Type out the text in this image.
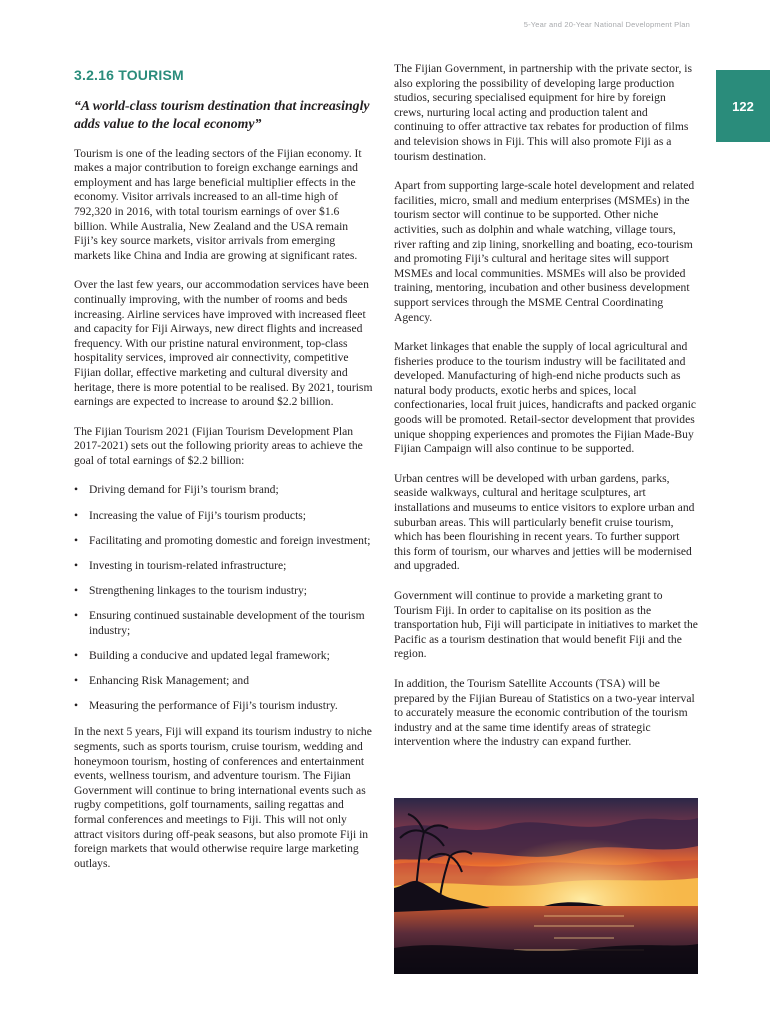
5-Year and 20-Year National Development Plan
122
3.2.16 TOURISM
“A world-class tourism destination that increasingly adds value to the local economy”

Tourism is one of the leading sectors of the Fijian economy. It makes a major contribution to foreign exchange earnings and employment and has large beneficial multiplier effects in the economy. Visitor arrivals increased to an all-time high of 792,320 in 2016, with total tourism earnings of over $1.6 billion. While Australia, New Zealand and the USA remain Fiji’s key source markets, visitor arrivals from emerging markets like China and India are growing at significant rates.

Over the last few years, our accommodation services have been continually improving, with the number of rooms and beds increasing. Airline services have improved with increased fleet and capacity for Fiji Airways, new direct flights and increased frequency. With our pristine natural environment, top-class hospitality services, improved air connectivity, competitive Fijian dollar, effective marketing and cultural diversity and heritage, there is more potential to be realised. By 2021, tourism earnings are expected to increase to around $2.2 billion.

The Fijian Tourism 2021 (Fijian Tourism Development Plan 2017-2021) sets out the following priority areas to achieve the goal of total earnings of $2.2 billion:

• Driving demand for Fiji’s tourism brand;
• Increasing the value of Fiji’s tourism products;
• Facilitating and promoting domestic and foreign investment;
• Investing in tourism-related infrastructure;
• Strengthening linkages to the tourism industry;
• Ensuring continued sustainable development of the tourism industry;
• Building a conducive and updated legal framework;
• Enhancing Risk Management; and
• Measuring the performance of Fiji’s tourism industry.

In the next 5 years, Fiji will expand its tourism industry to niche segments, such as sports tourism, cruise tourism, wedding and honeymoon tourism, hosting of conferences and entertainment events, wellness tourism, and adventure tourism. The Fijian Government will continue to bring international events such as rugby competitions, golf tournaments, sailing regattas and formal conferences and meetings to Fiji. This will not only attract visitors during off-peak seasons, but also promote Fiji in foreign markets that would otherwise require large marketing outlays.

The Fijian Government, in partnership with the private sector, is also exploring the possibility of developing large production studios, securing specialised equipment for hire by foreign crews, nurturing local acting and production talent and continuing to offer attractive tax rebates for production of films and television shows in Fiji. This will also promote Fiji as a tourism destination.

Apart from supporting large-scale hotel development and related facilities, micro, small and medium enterprises (MSMEs) in the tourism sector will continue to be supported. Other niche activities, such as dolphin and whale watching, village tours, river rafting and zip lining, snorkelling and boating, eco-tourism and promoting Fiji’s cultural and heritage sites will support MSMEs and local communities. MSMEs will also be provided training, mentoring, incubation and other business development support services through the MSME Central Coordinating Agency.

Market linkages that enable the supply of local agricultural and fisheries produce to the tourism industry will be facilitated and developed. Manufacturing of high-end niche products such as natural body products, exotic herbs and spices, local confectionaries, local fruit juices, handicrafts and packed organic goods will be promoted. Retail-sector development that provides unique shopping experiences and promotes the Fijian Made-Buy Fijian Campaign will also continue to be supported.

Urban centres will be developed with urban gardens, parks, seaside walkways, cultural and heritage sculptures, art installations and museums to entice visitors to explore urban and suburban areas. This will particularly benefit cruise tourism, which has been flourishing in recent years. To further support this form of tourism, our wharves and jetties will be modernised and upgraded.

Government will continue to provide a marketing grant to Tourism Fiji. In order to capitalise on its position as the transportation hub, Fiji will participate in initiatives to market the Pacific as a tourism destination that would benefit Fiji and the region.

In addition, the Tourism Satellite Accounts (TSA) will be prepared by the Fijian Bureau of Statistics on a two-year interval to accurately measure the economic contribution of the tourism industry and at the same time identify areas of strategic intervention where the industry can expand further.
